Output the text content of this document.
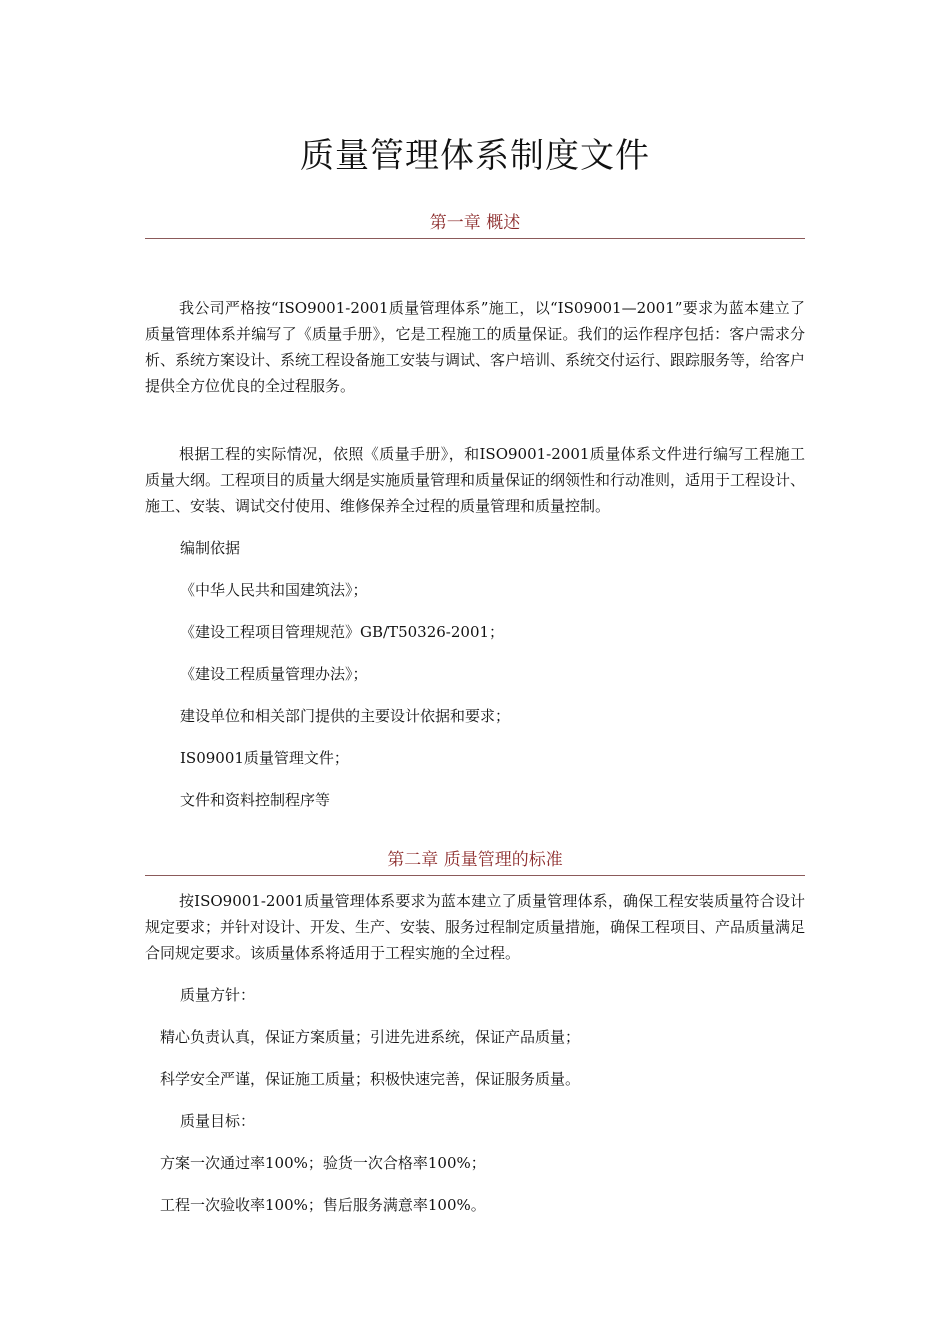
质量管理体系制度文件
第一章 概述
我公司严格按“ISO9001-2001质量管理体系”施工，以“IS09001—2001”要求为蓝本建立了质量管理体系并编写了《质量手册》，它是工程施工的质量保证。我们的运作程序包括：客户需求分析、系统方案设计、系统工程设备施工安装与调试、客户培训、系统交付运行、跟踪服务等，给客户提供全方位优良的全过程服务。
根据工程的实际情况，依照《质量手册》，和ISO9001-2001质量体系文件进行编写工程施工质量大纲。工程项目的质量大纲是实施质量管理和质量保证的纲领性和行动准则，适用于工程设计、施工、安装、调试交付使用、维修保养全过程的质量管理和质量控制。
编制依据
《中华人民共和国建筑法》；
《建设工程项目管理规范》GB/T50326-2001；
《建设工程质量管理办法》；
建设单位和相关部门提供的主要设计依据和要求；
IS09001质量管理文件；
文件和资料控制程序等
第二章 质量管理的标准
按ISO9001-2001质量管理体系要求为蓝本建立了质量管理体系，确保工程安装质量符合设计规定要求；并针对设计、开发、生产、安装、服务过程制定质量措施，确保工程项目、产品质量满足合同规定要求。该质量体系将适用于工程实施的全过程。
质量方针：
精心负责认真，保证方案质量；引进先进系统，保证产品质量；
科学安全严谨，保证施工质量；积极快速完善，保证服务质量。
质量目标：
方案一次通过率100%；验货一次合格率100%；
工程一次验收率100%；售后服务满意率100%。
